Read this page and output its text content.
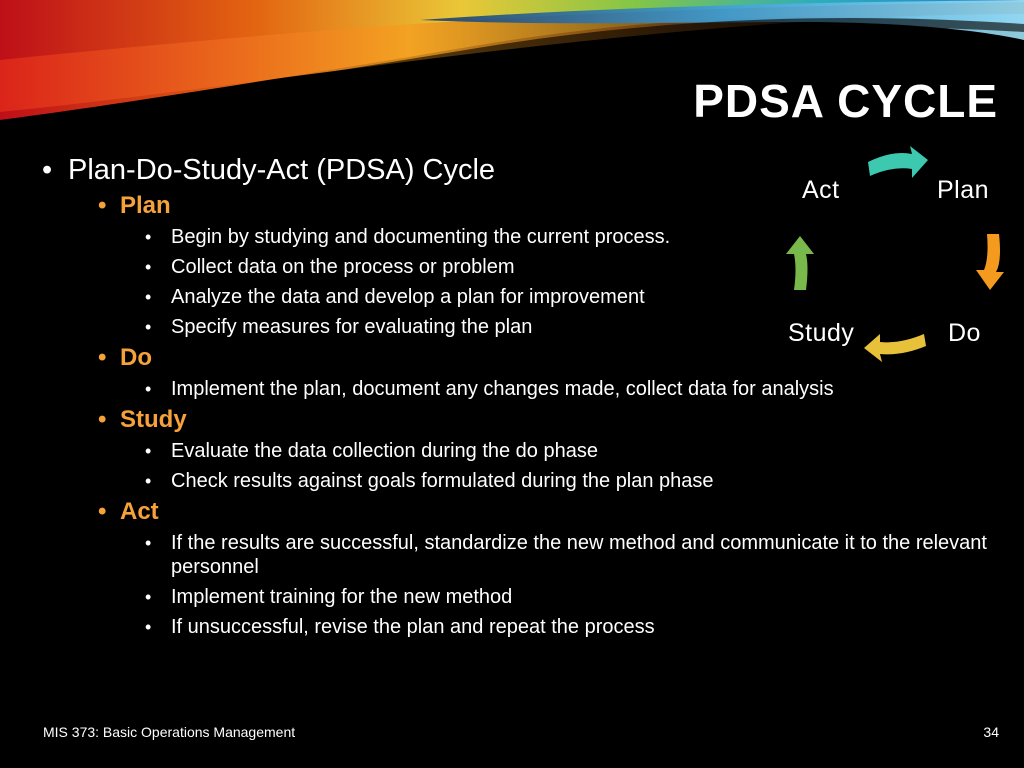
PDSA CYCLE
• Plan-Do-Study-Act (PDSA) Cycle
• Plan
• Begin by studying and documenting the current process.
• Collect data on the process or problem
• Analyze the data and develop a plan for improvement
• Specify measures for evaluating the plan
• Do
• Implement the plan, document any changes made, collect data for analysis
• Study
• Evaluate the data collection during the do phase
• Check results against goals formulated during the plan phase
• Act
• If the results are successful, standardize the new method and communicate it to the relevant personnel
• Implement training for the new method
• If unsuccessful, revise the plan and repeat the process
Act	Plan
Study	Do
MIS 373: Basic Operations Management	34
